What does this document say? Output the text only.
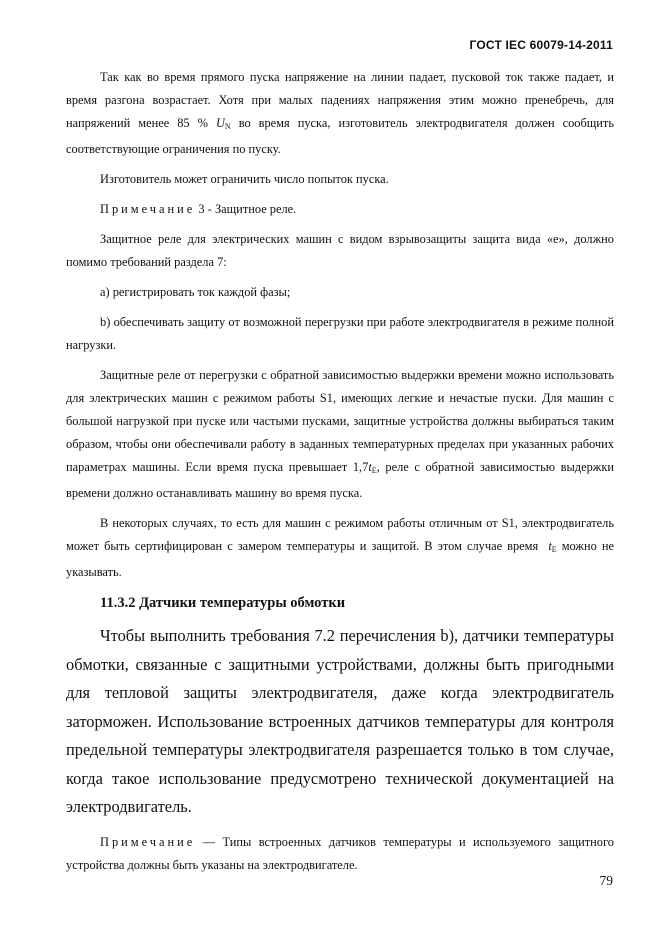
ГОСТ IEC 60079-14-2011

Так как во время прямого пуска напряжение на линии падает, пусковой ток также падает, и время разгона возрастает. Хотя при малых падениях напряжения этим можно пренебречь, для напряжений менее 85 % $U_N$ во время пуска, изготовитель электродвигателя должен сообщить соответствующие ограничения по пуску.

Изготовитель может ограничить число попыток пуска.

Примечание 3 - Защитное реле.

Защитное реле для электрических машин с видом взрывозащиты защита вида «е», должно помимо требований раздела 7:

a) регистрировать ток каждой фазы;

b) обеспечивать защиту от возможной перегрузки при работе электродвигателя в режиме полной нагрузки.

Защитные реле от перегрузки с обратной зависимостью выдержки времени можно использовать для электрических машин с режимом работы S1, имеющих легкие и нечастые пуски. Для машин с большой нагрузкой при пуске или частыми пусками, защитные устройства должны выбираться таким образом, чтобы они обеспечивали работу в заданных температурных пределах при указанных рабочих параметрах машины. Если время пуска превышает $1,7t_E$, реле с обратной зависимостью выдержки времени должно останавливать машину во время пуска.

В некоторых случаях, то есть для машин с режимом работы отличным от S1, электродвигатель может быть сертифицирован с замером температуры и защитой. В этом случае время $t_E$ можно не указывать.

11.3.2 Датчики температуры обмотки

Чтобы выполнить требования 7.2 перечисления b), датчики температуры обмотки, связанные с защитными устройствами, должны быть пригодными для тепловой защиты электродвигателя, даже когда электродвигатель заторможен. Использование встроенных датчиков температуры для контроля предельной температуры электродвигателя разрешается только в том случае, когда такое использование предусмотрено технической документацией на электродвигатель.

Примечание — Типы встроенных датчиков температуры и используемого защитного устройства должны быть указаны на электродвигателе.

79
